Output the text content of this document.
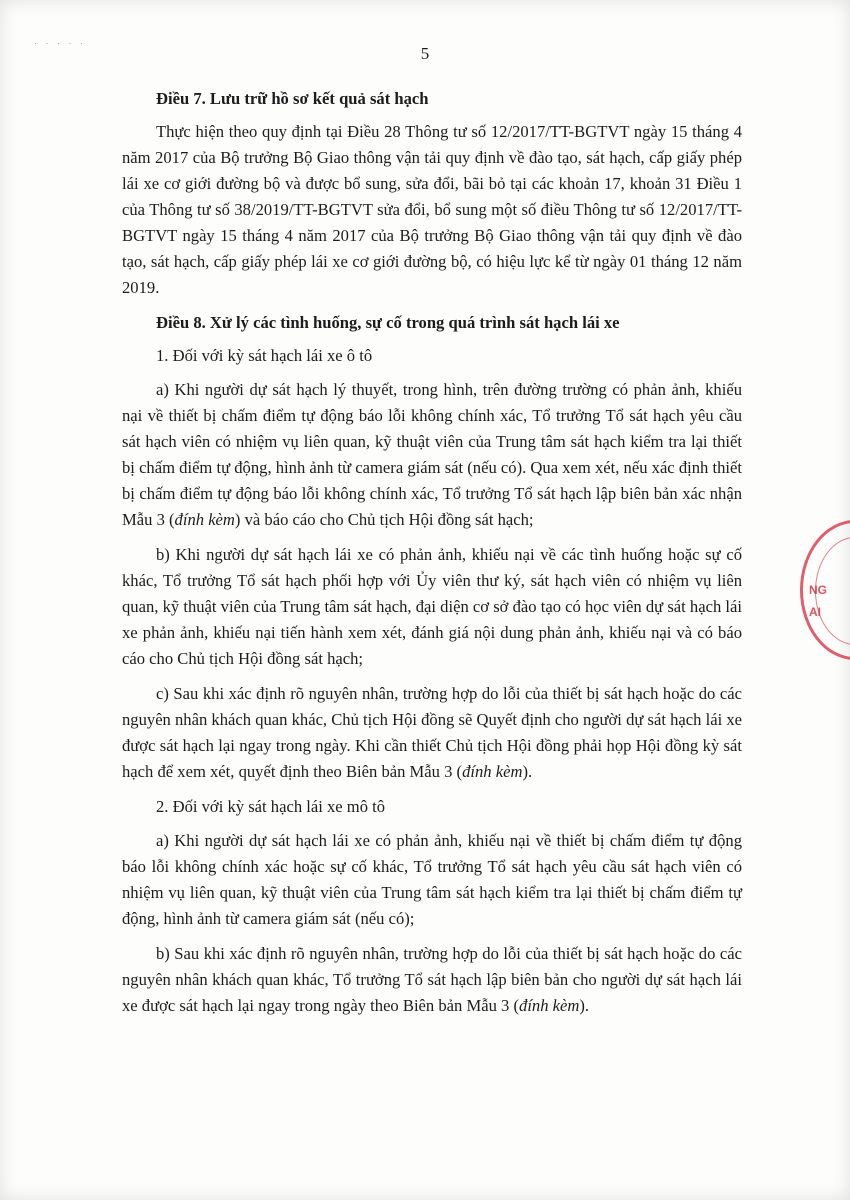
· · · · ·
5

Điều 7. Lưu trữ hồ sơ kết quả sát hạch

Thực hiện theo quy định tại Điều 28 Thông tư số 12/2017/TT-BGTVT ngày 15 tháng 4 năm 2017 của Bộ trưởng Bộ Giao thông vận tải quy định về đào tạo, sát hạch, cấp giấy phép lái xe cơ giới đường bộ và được bổ sung, sửa đổi, bãi bỏ tại các khoản 17, khoản 31 Điều 1 của Thông tư số 38/2019/TT-BGTVT sửa đổi, bổ sung một số điều Thông tư số 12/2017/TT-BGTVT ngày 15 tháng 4 năm 2017 của Bộ trưởng Bộ Giao thông vận tải quy định về đào tạo, sát hạch, cấp giấy phép lái xe cơ giới đường bộ, có hiệu lực kể từ ngày 01 tháng 12 năm 2019.

Điều 8. Xử lý các tình huống, sự cố trong quá trình sát hạch lái xe

1. Đối với kỳ sát hạch lái xe ô tô

a) Khi người dự sát hạch lý thuyết, trong hình, trên đường trường có phản ảnh, khiếu nại về thiết bị chấm điểm tự động báo lỗi không chính xác, Tổ trưởng Tổ sát hạch yêu cầu sát hạch viên có nhiệm vụ liên quan, kỹ thuật viên của Trung tâm sát hạch kiểm tra lại thiết bị chấm điểm tự động, hình ảnh từ camera giám sát (nếu có). Qua xem xét, nếu xác định thiết bị chấm điểm tự động báo lỗi không chính xác, Tổ trưởng Tổ sát hạch lập biên bản xác nhận Mẫu 3 (đính kèm) và báo cáo cho Chủ tịch Hội đồng sát hạch;

b) Khi người dự sát hạch lái xe có phản ảnh, khiếu nại về các tình huống hoặc sự cố khác, Tổ trưởng Tổ sát hạch phối hợp với Ủy viên thư ký, sát hạch viên có nhiệm vụ liên quan, kỹ thuật viên của Trung tâm sát hạch, đại diện cơ sở đào tạo có học viên dự sát hạch lái xe phản ảnh, khiếu nại tiến hành xem xét, đánh giá nội dung phản ảnh, khiếu nại và có báo cáo cho Chủ tịch Hội đồng sát hạch;

c) Sau khi xác định rõ nguyên nhân, trường hợp do lỗi của thiết bị sát hạch hoặc do các nguyên nhân khách quan khác, Chủ tịch Hội đồng sẽ Quyết định cho người dự sát hạch lái xe được sát hạch lại ngay trong ngày. Khi cần thiết Chủ tịch Hội đồng phải họp Hội đồng kỳ sát hạch để xem xét, quyết định theo Biên bản Mẫu 3 (đính kèm).

2. Đối với kỳ sát hạch lái xe mô tô

a) Khi người dự sát hạch lái xe có phản ảnh, khiếu nại về thiết bị chấm điểm tự động báo lỗi không chính xác hoặc sự cố khác, Tổ trưởng Tổ sát hạch yêu cầu sát hạch viên có nhiệm vụ liên quan, kỹ thuật viên của Trung tâm sát hạch kiểm tra lại thiết bị chấm điểm tự động, hình ảnh từ camera giám sát (nếu có);

b) Sau khi xác định rõ nguyên nhân, trường hợp do lỗi của thiết bị sát hạch hoặc do các nguyên nhân khách quan khác, Tổ trưởng Tổ sát hạch lập biên bản cho người dự sát hạch lái xe được sát hạch lại ngay trong ngày theo Biên bản Mẫu 3 (đính kèm).

NG
AI
